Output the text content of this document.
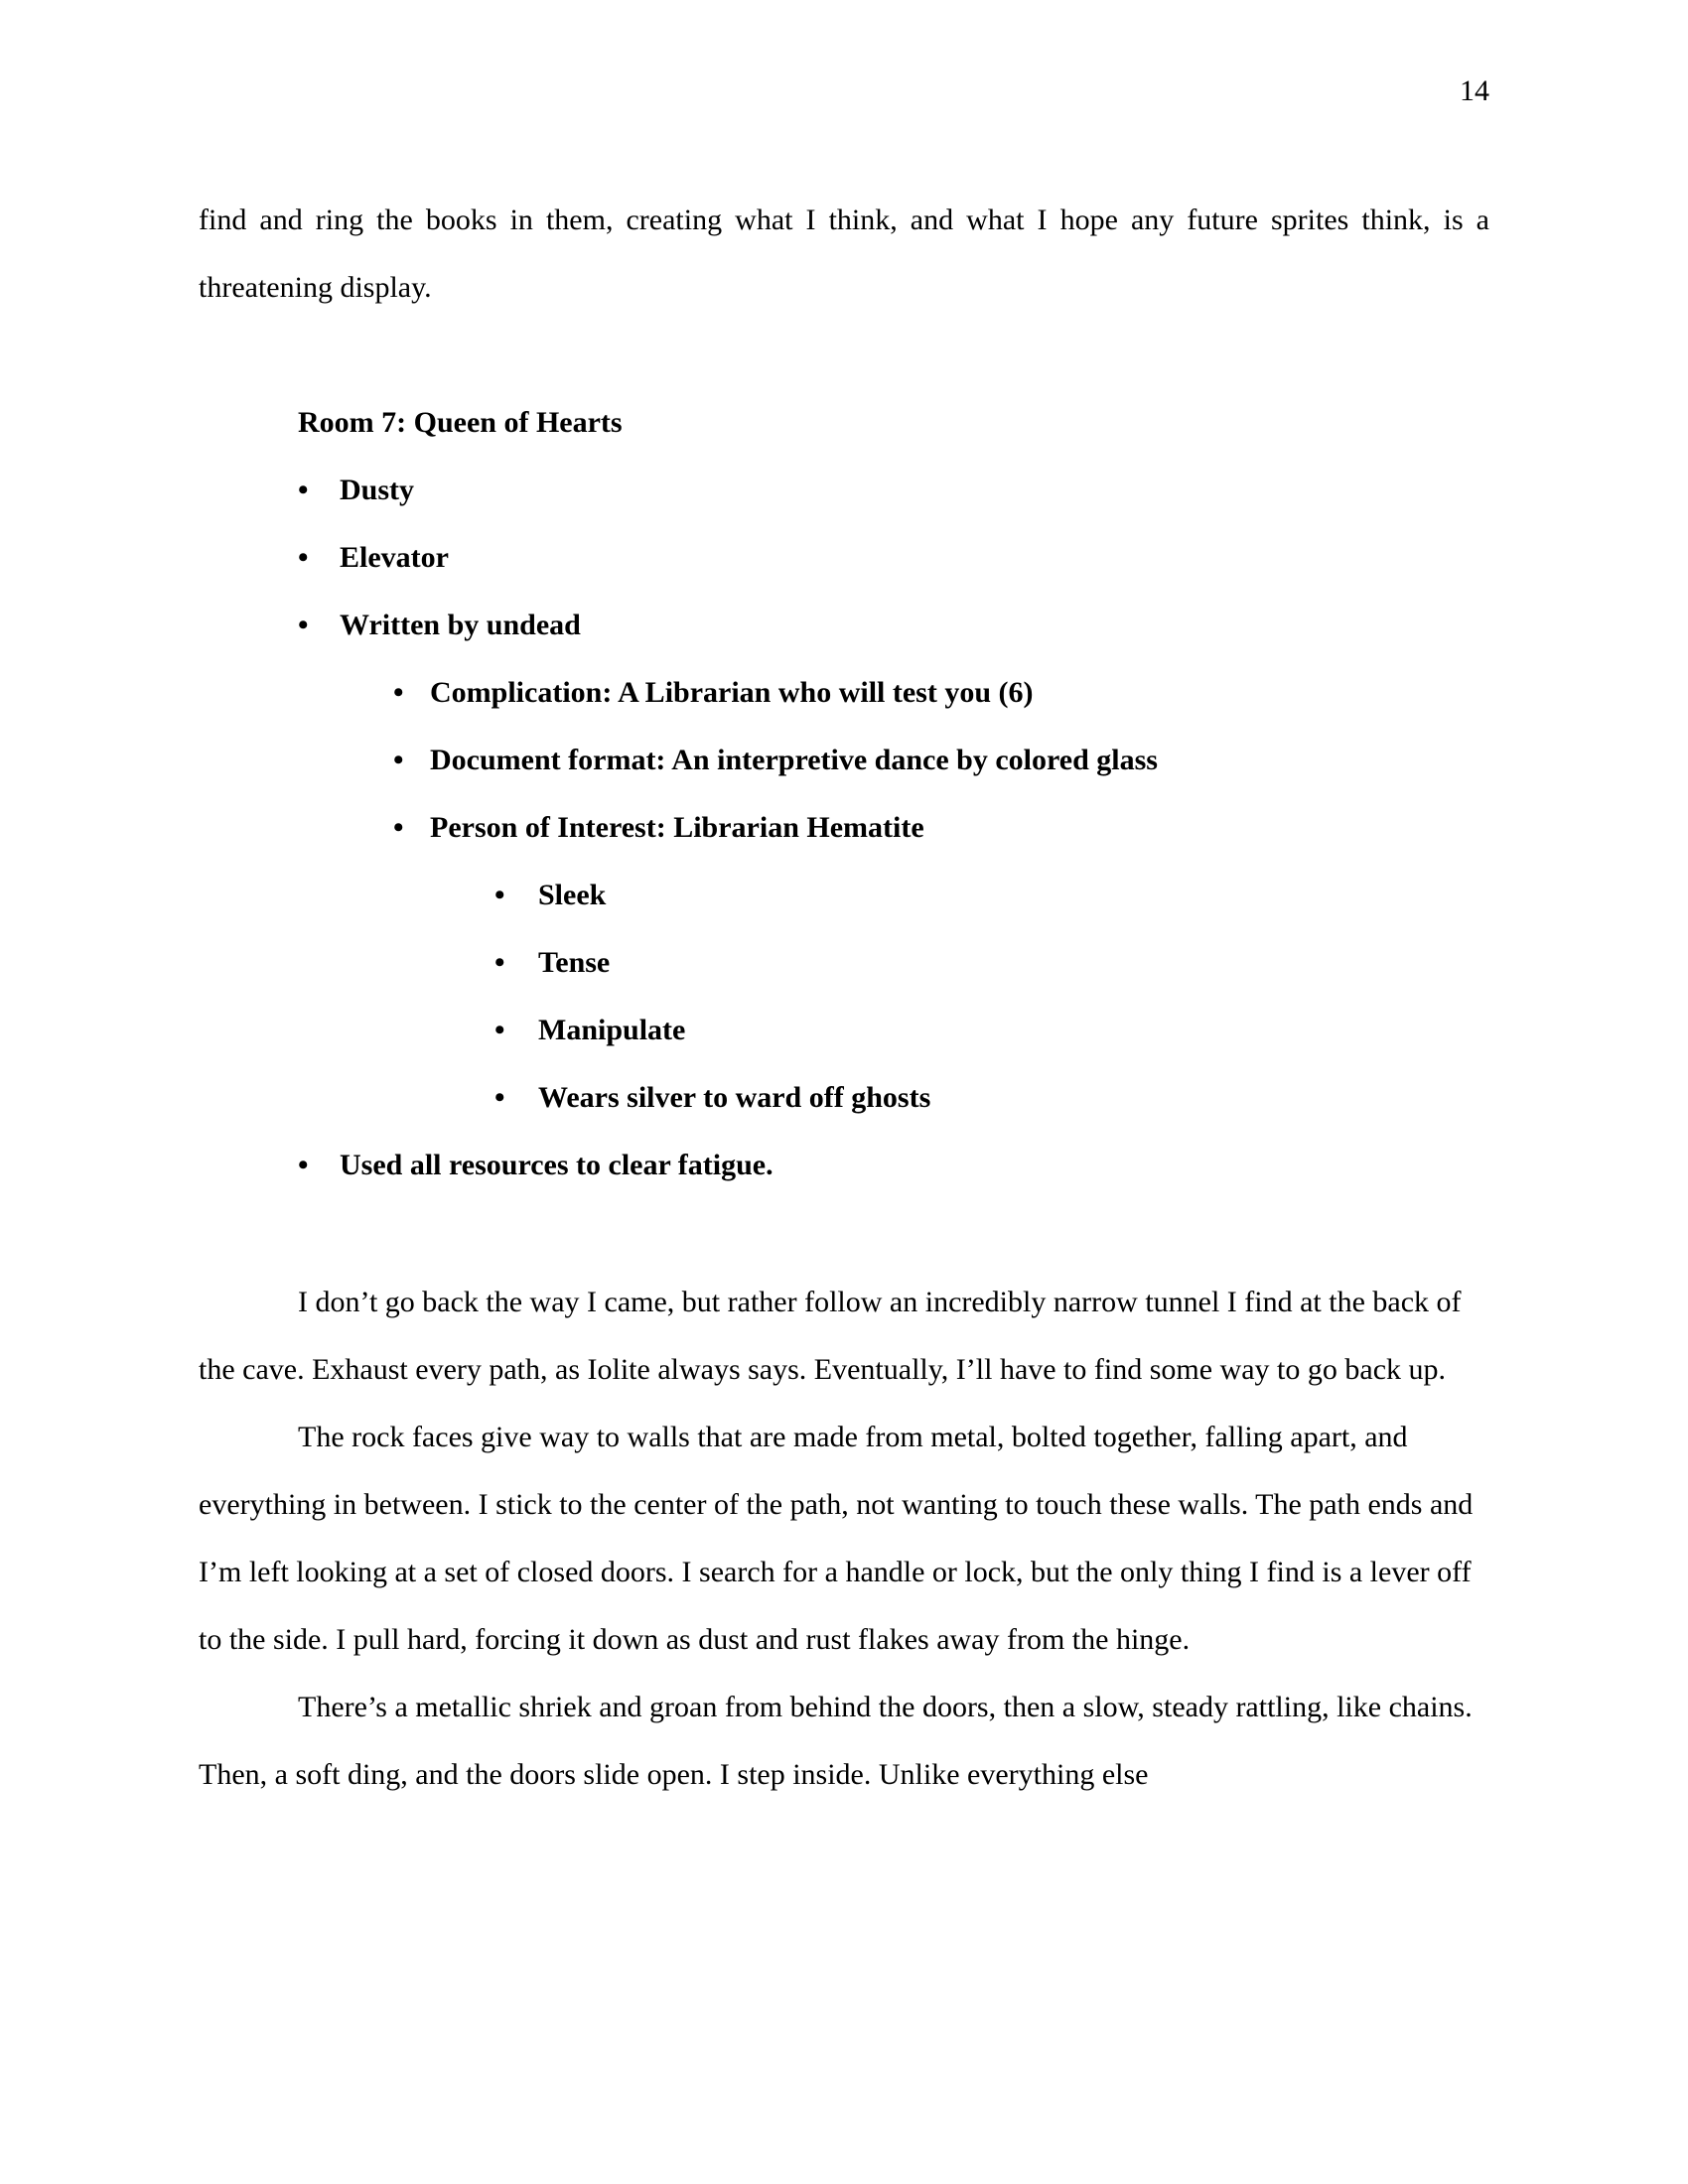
14

find and ring the books in them, creating what I think, and what I hope any future sprites think, is a threatening display.

Room 7: Queen of Hearts
• Dusty
• Elevator
• Written by undead
• Complication: A Librarian who will test you (6)
• Document format: An interpretive dance by colored glass
• Person of Interest: Librarian Hematite
• Sleek
• Tense
• Manipulate
• Wears silver to ward off ghosts
• Used all resources to clear fatigue.

I don’t go back the way I came, but rather follow an incredibly narrow tunnel I find at the back of the cave. Exhaust every path, as Iolite always says. Eventually, I’ll have to find some way to go back up.

The rock faces give way to walls that are made from metal, bolted together, falling apart, and everything in between. I stick to the center of the path, not wanting to touch these walls. The path ends and I’m left looking at a set of closed doors. I search for a handle or lock, but the only thing I find is a lever off to the side. I pull hard, forcing it down as dust and rust flakes away from the hinge.

There’s a metallic shriek and groan from behind the doors, then a slow, steady rattling, like chains. Then, a soft ding, and the doors slide open. I step inside. Unlike everything else
